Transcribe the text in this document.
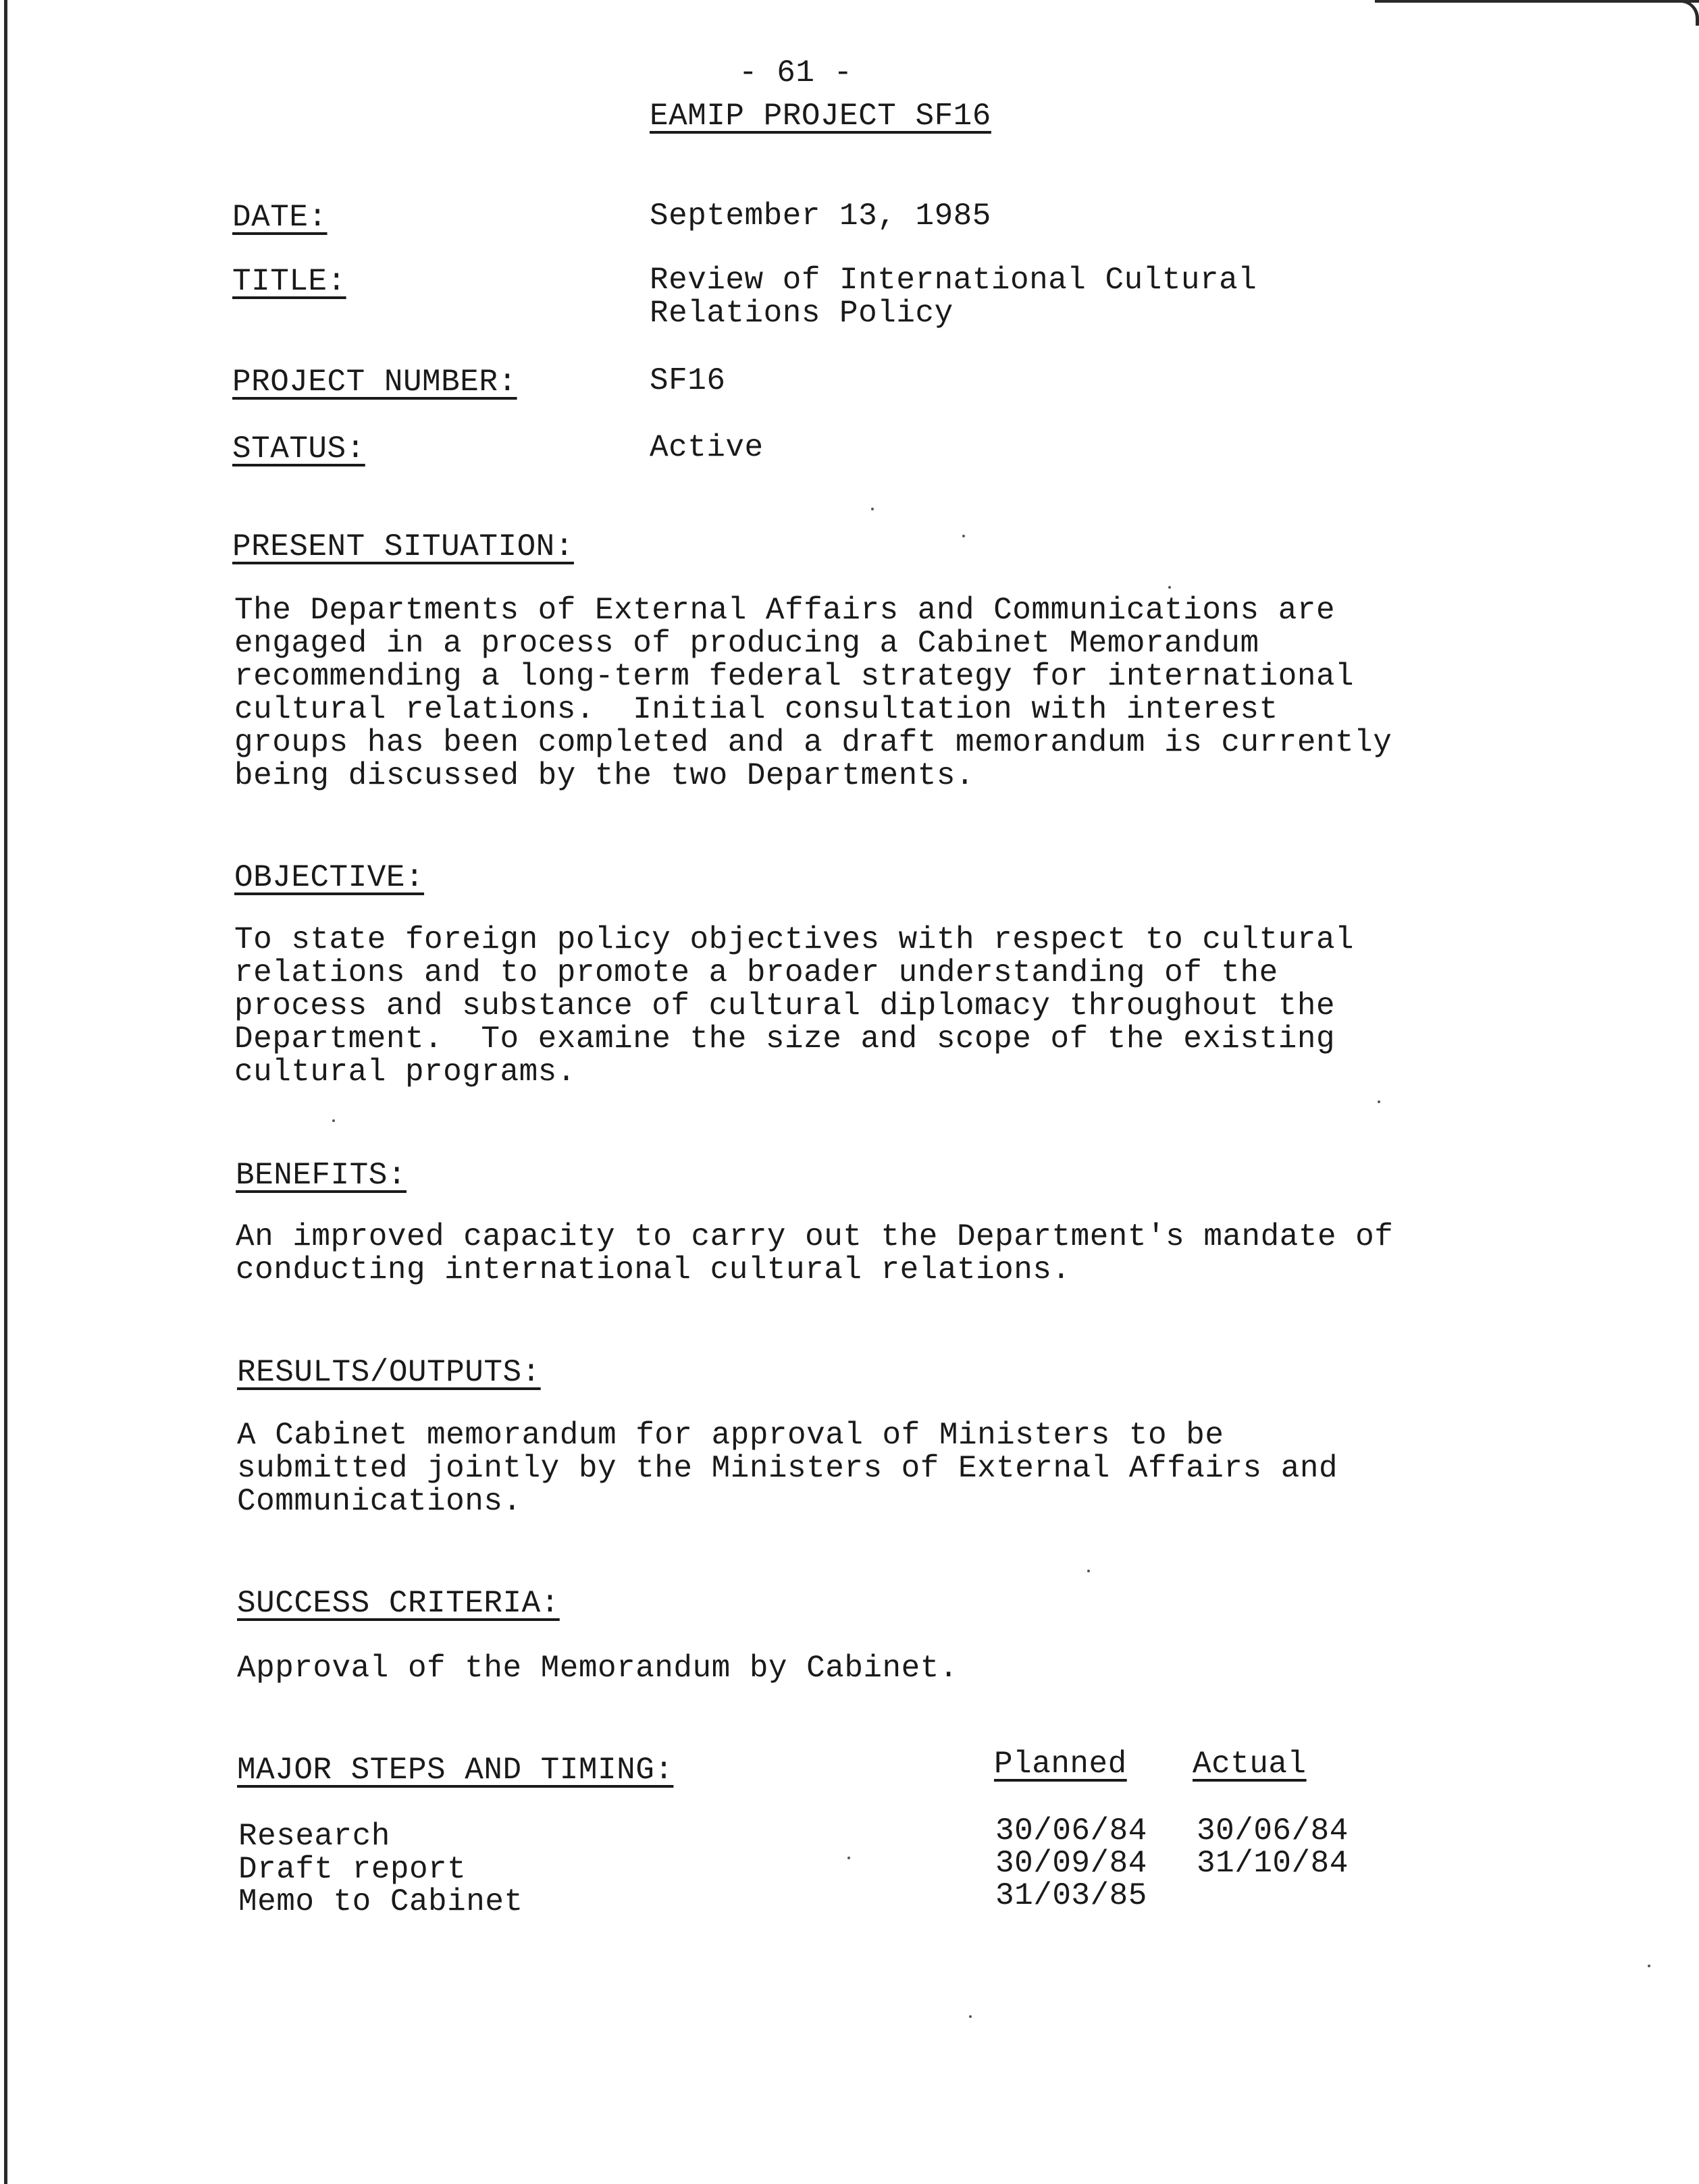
- 61 -
EAMIP PROJECT SF16
DATE:	September 13, 1985
TITLE:	Review of International Cultural
Relations Policy
PROJECT NUMBER:	SF16
STATUS:	Active
PRESENT SITUATION:
The Departments of External Affairs and Communications are
engaged in a process of producing a Cabinet Memorandum
recommending a long-term federal strategy for international
cultural relations.  Initial consultation with interest
groups has been completed and a draft memorandum is currently
being discussed by the two Departments.
OBJECTIVE:
To state foreign policy objectives with respect to cultural
relations and to promote a broader understanding of the
process and substance of cultural diplomacy throughout the
Department.  To examine the size and scope of the existing
cultural programs.
BENEFITS:
An improved capacity to carry out the Department's mandate of
conducting international cultural relations.
RESULTS/OUTPUTS:
A Cabinet memorandum for approval of Ministers to be
submitted jointly by the Ministers of External Affairs and
Communications.
SUCCESS CRITERIA:
Approval of the Memorandum by Cabinet.
MAJOR STEPS AND TIMING:	Planned Actual
Research	30/06/84 30/06/84
Draft report	30/09/84 31/10/84
Memo to Cabinet	31/03/85
